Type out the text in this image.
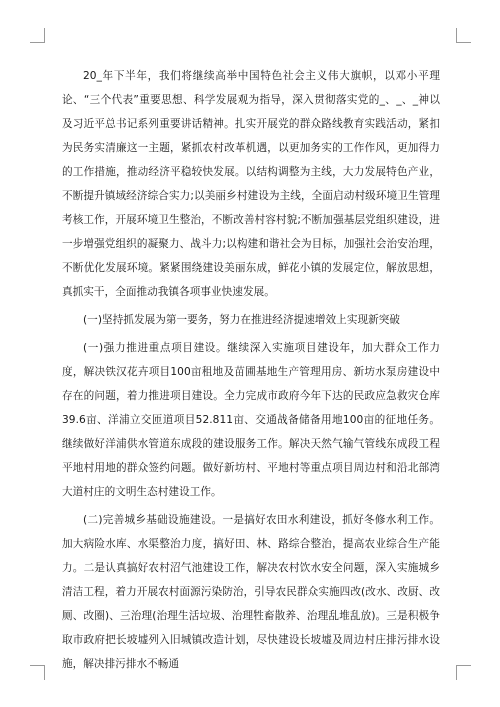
20_年下半年，我们将继续高举中国特色社会主义伟大旗帜，以邓小平理论、“三个代表”重要思想、科学发展观为指导，深入贯彻落实党的_、_、_神以及习近平总书记系列重要讲话精神。扎实开展党的群众路线教育实践活动，紧扣为民务实清廉这一主题，紧抓农村改革机遇，以更加务实的工作作风，更加得力的工作措施，推动经济平稳较快发展。以结构调整为主线，大力发展特色产业，不断提升镇域经济综合实力;以美丽乡村建设为主线，全面启动村级环境卫生管理考核工作，开展环境卫生整治，不断改善村容村貌;不断加强基层党组织建设，进一步增强党组织的凝聚力、战斗力;以构建和谐社会为目标，加强社会治安治理，不断优化发展环境。紧紧围绕建设美丽东成，鲜花小镇的发展定位，解放思想，真抓实干，全面推动我镇各项事业快速发展。

(一)坚持抓发展为第一要务，努力在推进经济提速增效上实现新突破

(一)强力推进重点项目建设。继续深入实施项目建设年，加大群众工作力度，解决铁汉花卉项目100亩租地及苗圃基地生产管理用房、新坊水泵房建设中存在的问题，着力推进项目建设。全力完成市政府今年下达的民政应急救灾仓库39.6亩、洋浦立交匝道项目52.811亩、交通战备储备用地100亩的征地任务。继续做好洋浦供水管道东成段的建设服务工作。解决天然气输气管线东成段工程平地村用地的群众签约问题。做好新坊村、平地村等重点项目周边村和沿北部湾大道村庄的文明生态村建设工作。

(二)完善城乡基础设施建设。一是搞好农田水利建设，抓好冬修水利工作。加大病险水库、水渠整治力度，搞好田、林、路综合整治，提高农业综合生产能力。二是认真搞好农村沼气池建设工作，解决农村饮水安全问题，深入实施城乡清洁工程，着力开展农村面源污染防治，引导农民群众实施四改(改水、改厨、改厕、改圈)、三治理(治理生活垃圾、治理牲畜散养、治理乱堆乱放)。三是积极争取市政府把长坡墟列入旧城镇改造计划，尽快建设长坡墟及周边村庄排污排水设施，解决排污排水不畅通
